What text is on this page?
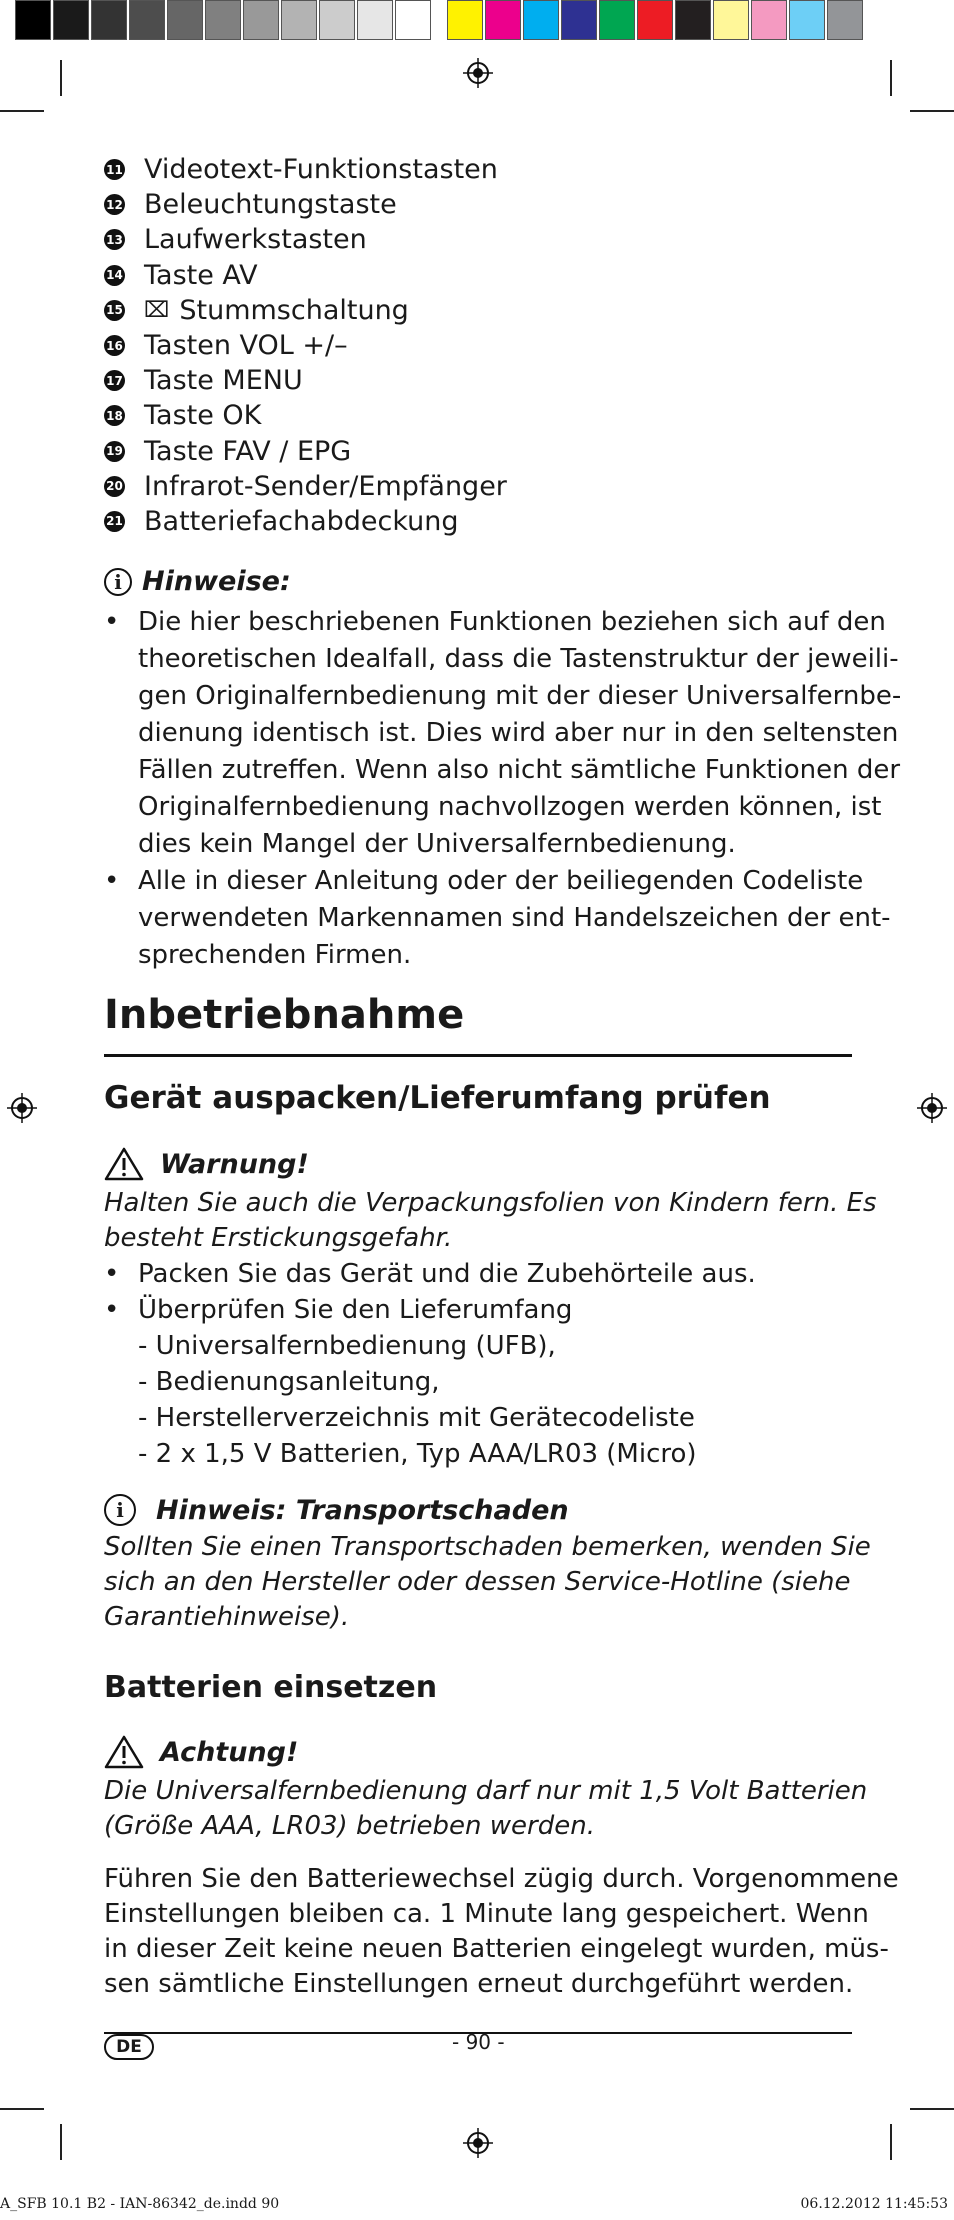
11 Videotext-Funktionstasten
12 Beleuchtungstaste
13 Laufwerkstasten
14 Taste AV
15 ⌧ Stummschaltung
16 Tasten VOL +/–
17 Taste MENU
18 Taste OK
19 Taste FAV / EPG
20 Infrarot-Sender/Empfänger
21 Batteriefachabdeckung
i Hinweise:
• Die hier beschriebenen Funktionen beziehen sich auf den
theoretischen Idealfall, dass die Tastenstruktur der jeweili-
gen Originalfernbedienung mit der dieser Universalfernbe-
dienung identisch ist. Dies wird aber nur in den seltensten
Fällen zutreffen. Wenn also nicht sämtliche Funktionen der
Originalfernbedienung nachvollzogen werden können, ist
dies kein Mangel der Universalfernbedienung.
• Alle in dieser Anleitung oder der beiliegenden Codeliste
verwendeten Markennamen sind Handelszeichen der ent-
sprechenden Firmen.
Inbetriebnahme
Gerät auspacken/Lieferumfang prüfen
Warnung!
Halten Sie auch die Verpackungsfolien von Kindern fern. Es
besteht Erstickungsgefahr.
• Packen Sie das Gerät und die Zubehörteile aus.
• Überprüfen Sie den Lieferumfang
- Universalfernbedienung (UFB),
- Bedienungsanleitung,
- Herstellerverzeichnis mit Gerätecodeliste
- 2 x 1,5 V Batterien, Typ AAA/LR03 (Micro)
i	Hinweis: Transportschaden
Sollten Sie einen Transportschaden bemerken, wenden Sie
sich an den Hersteller oder dessen Service-Hotline (siehe
Garantiehinweise).
Batterien einsetzen
Achtung!
Die Universalfernbedienung darf nur mit 1,5 Volt Batterien
(Größe AAA, LR03) betrieben werden.
Führen Sie den Batteriewechsel zügig durch. Vorgenommene
Einstellungen bleiben ca. 1 Minute lang gespeichert. Wenn
in dieser Zeit keine neuen Batterien eingelegt wurden, müs-
sen sämtliche Einstellungen erneut durchgeführt werden.
- 90 -
DE
A_SFB 10.1 B2 - IAN-86342_de.indd 90	06.12.2012 11:45:53
